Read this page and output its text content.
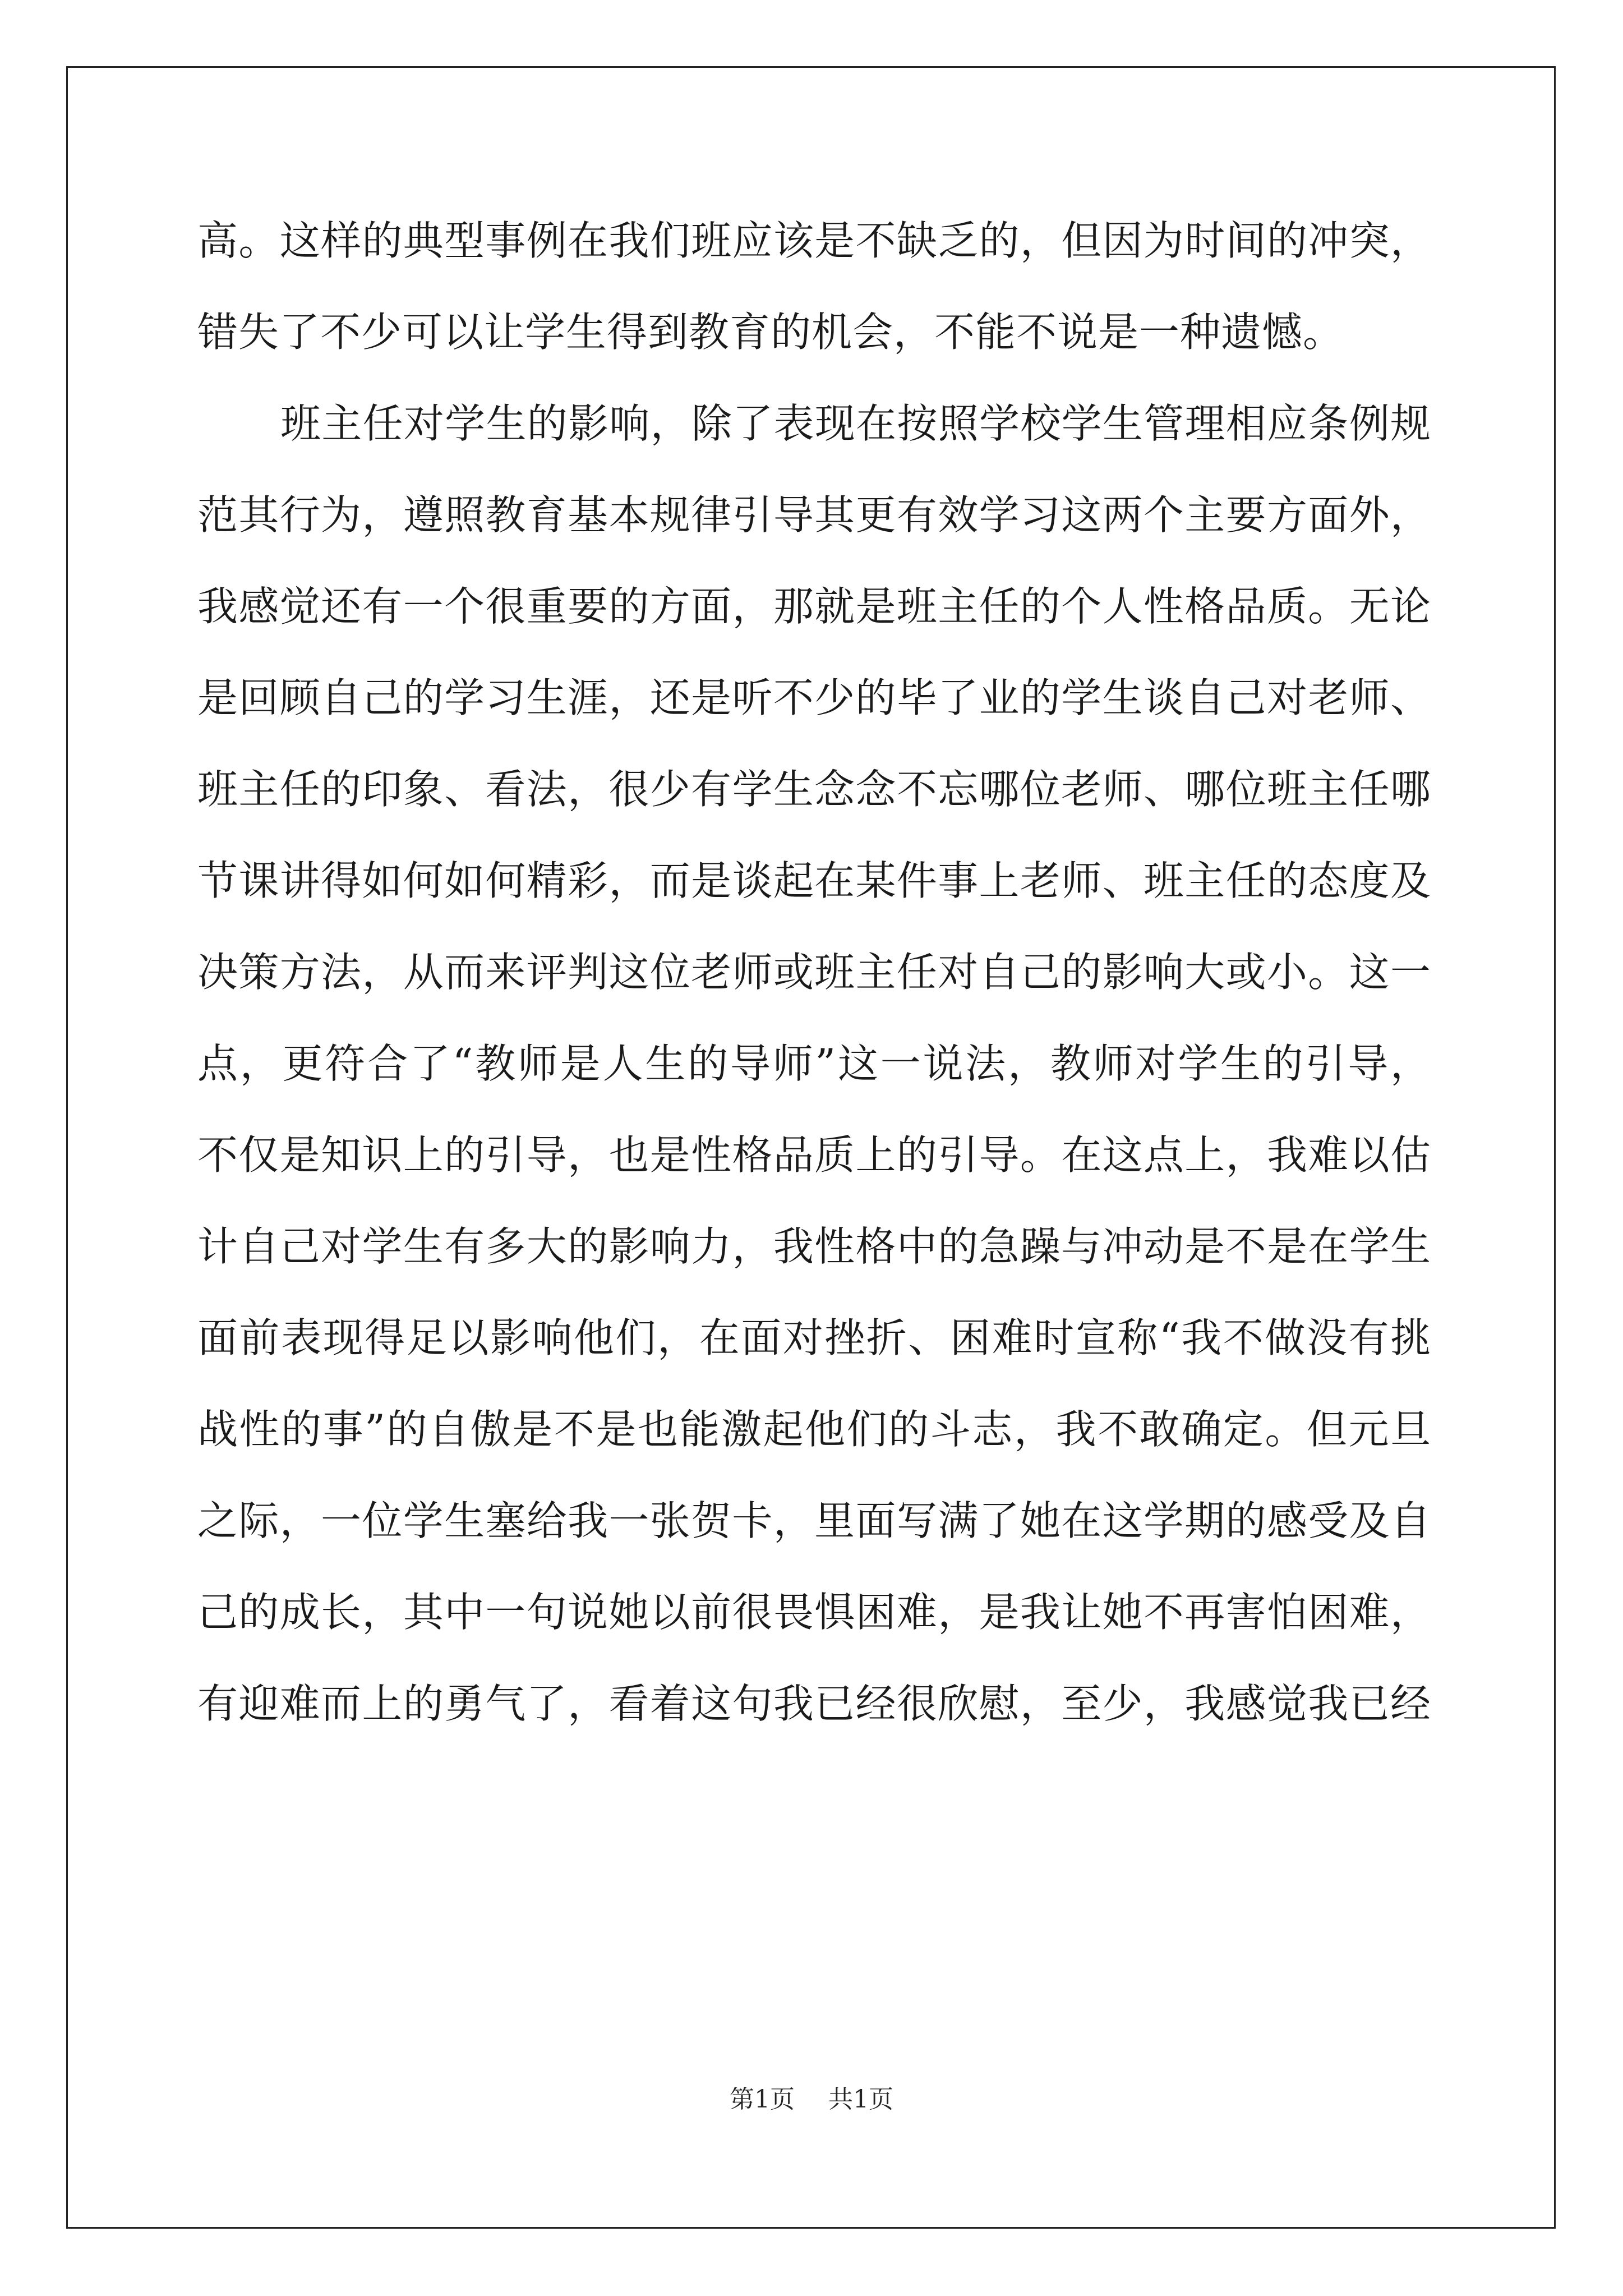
高。这样的典型事例在我们班应该是不缺乏的，但因为时间的冲突，
错失了不少可以让学生得到教育的机会，不能不说是一种遗憾。
班主任对学生的影响，除了表现在按照学校学生管理相应条例规
范其行为，遵照教育基本规律引导其更有效学习这两个主要方面外，
我感觉还有一个很重要的方面，那就是班主任的个人性格品质。无论
是回顾自己的学习生涯，还是听不少的毕了业的学生谈自己对老师、
班主任的印象、看法，很少有学生念念不忘哪位老师、哪位班主任哪
节课讲得如何如何精彩，而是谈起在某件事上老师、班主任的态度及
决策方法，从而来评判这位老师或班主任对自己的影响大或小。这一
点，更符合了“教师是人生的导师”这一说法，教师对学生的引导，
不仅是知识上的引导，也是性格品质上的引导。在这点上，我难以估
计自己对学生有多大的影响力，我性格中的急躁与冲动是不是在学生
面前表现得足以影响他们，在面对挫折、困难时宣称“我不做没有挑
战性的事”的自傲是不是也能激起他们的斗志，我不敢确定。但元旦
之际，一位学生塞给我一张贺卡，里面写满了她在这学期的感受及自
己的成长，其中一句说她以前很畏惧困难，是我让她不再害怕困难，
有迎难而上的勇气了，看着这句我已经很欣慰，至少，我感觉我已经
第1页 共1页
